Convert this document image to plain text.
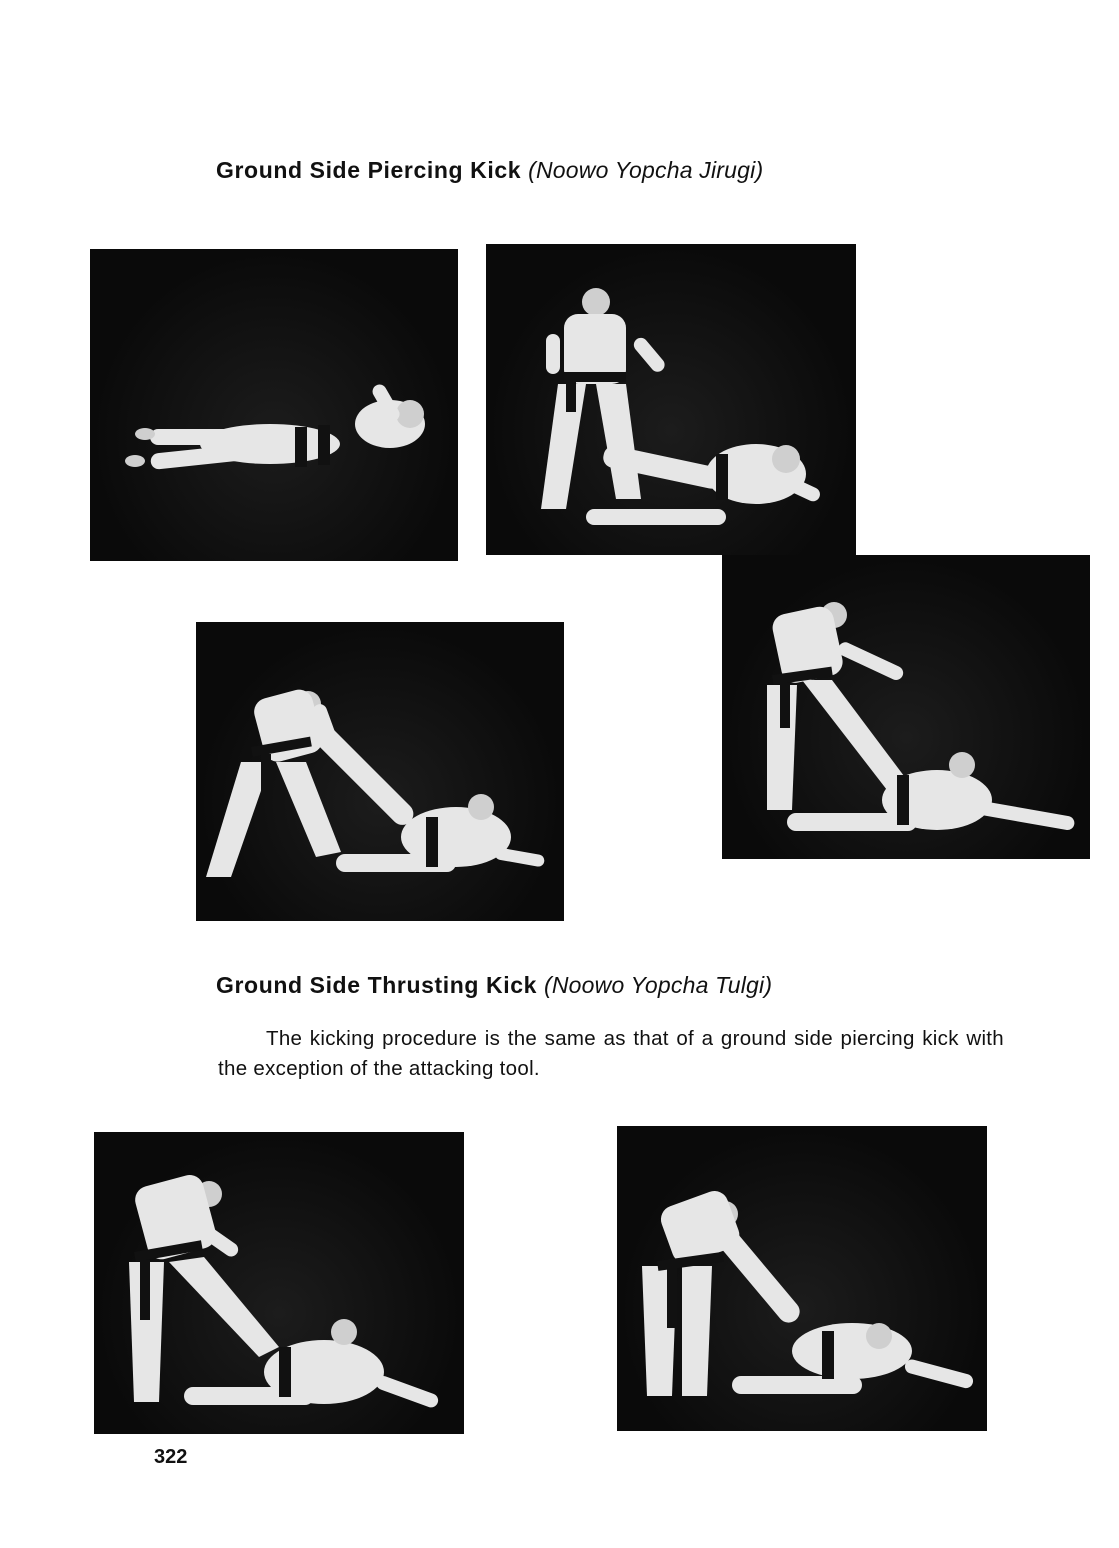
Ground Side Piercing Kick (Noowo Yopcha Jirugi)
Ground Side Thrusting Kick (Noowo Yopcha Tulgi)

The kicking procedure is the same as that of a ground side piercing kick with the exception of the attacking tool.

322
